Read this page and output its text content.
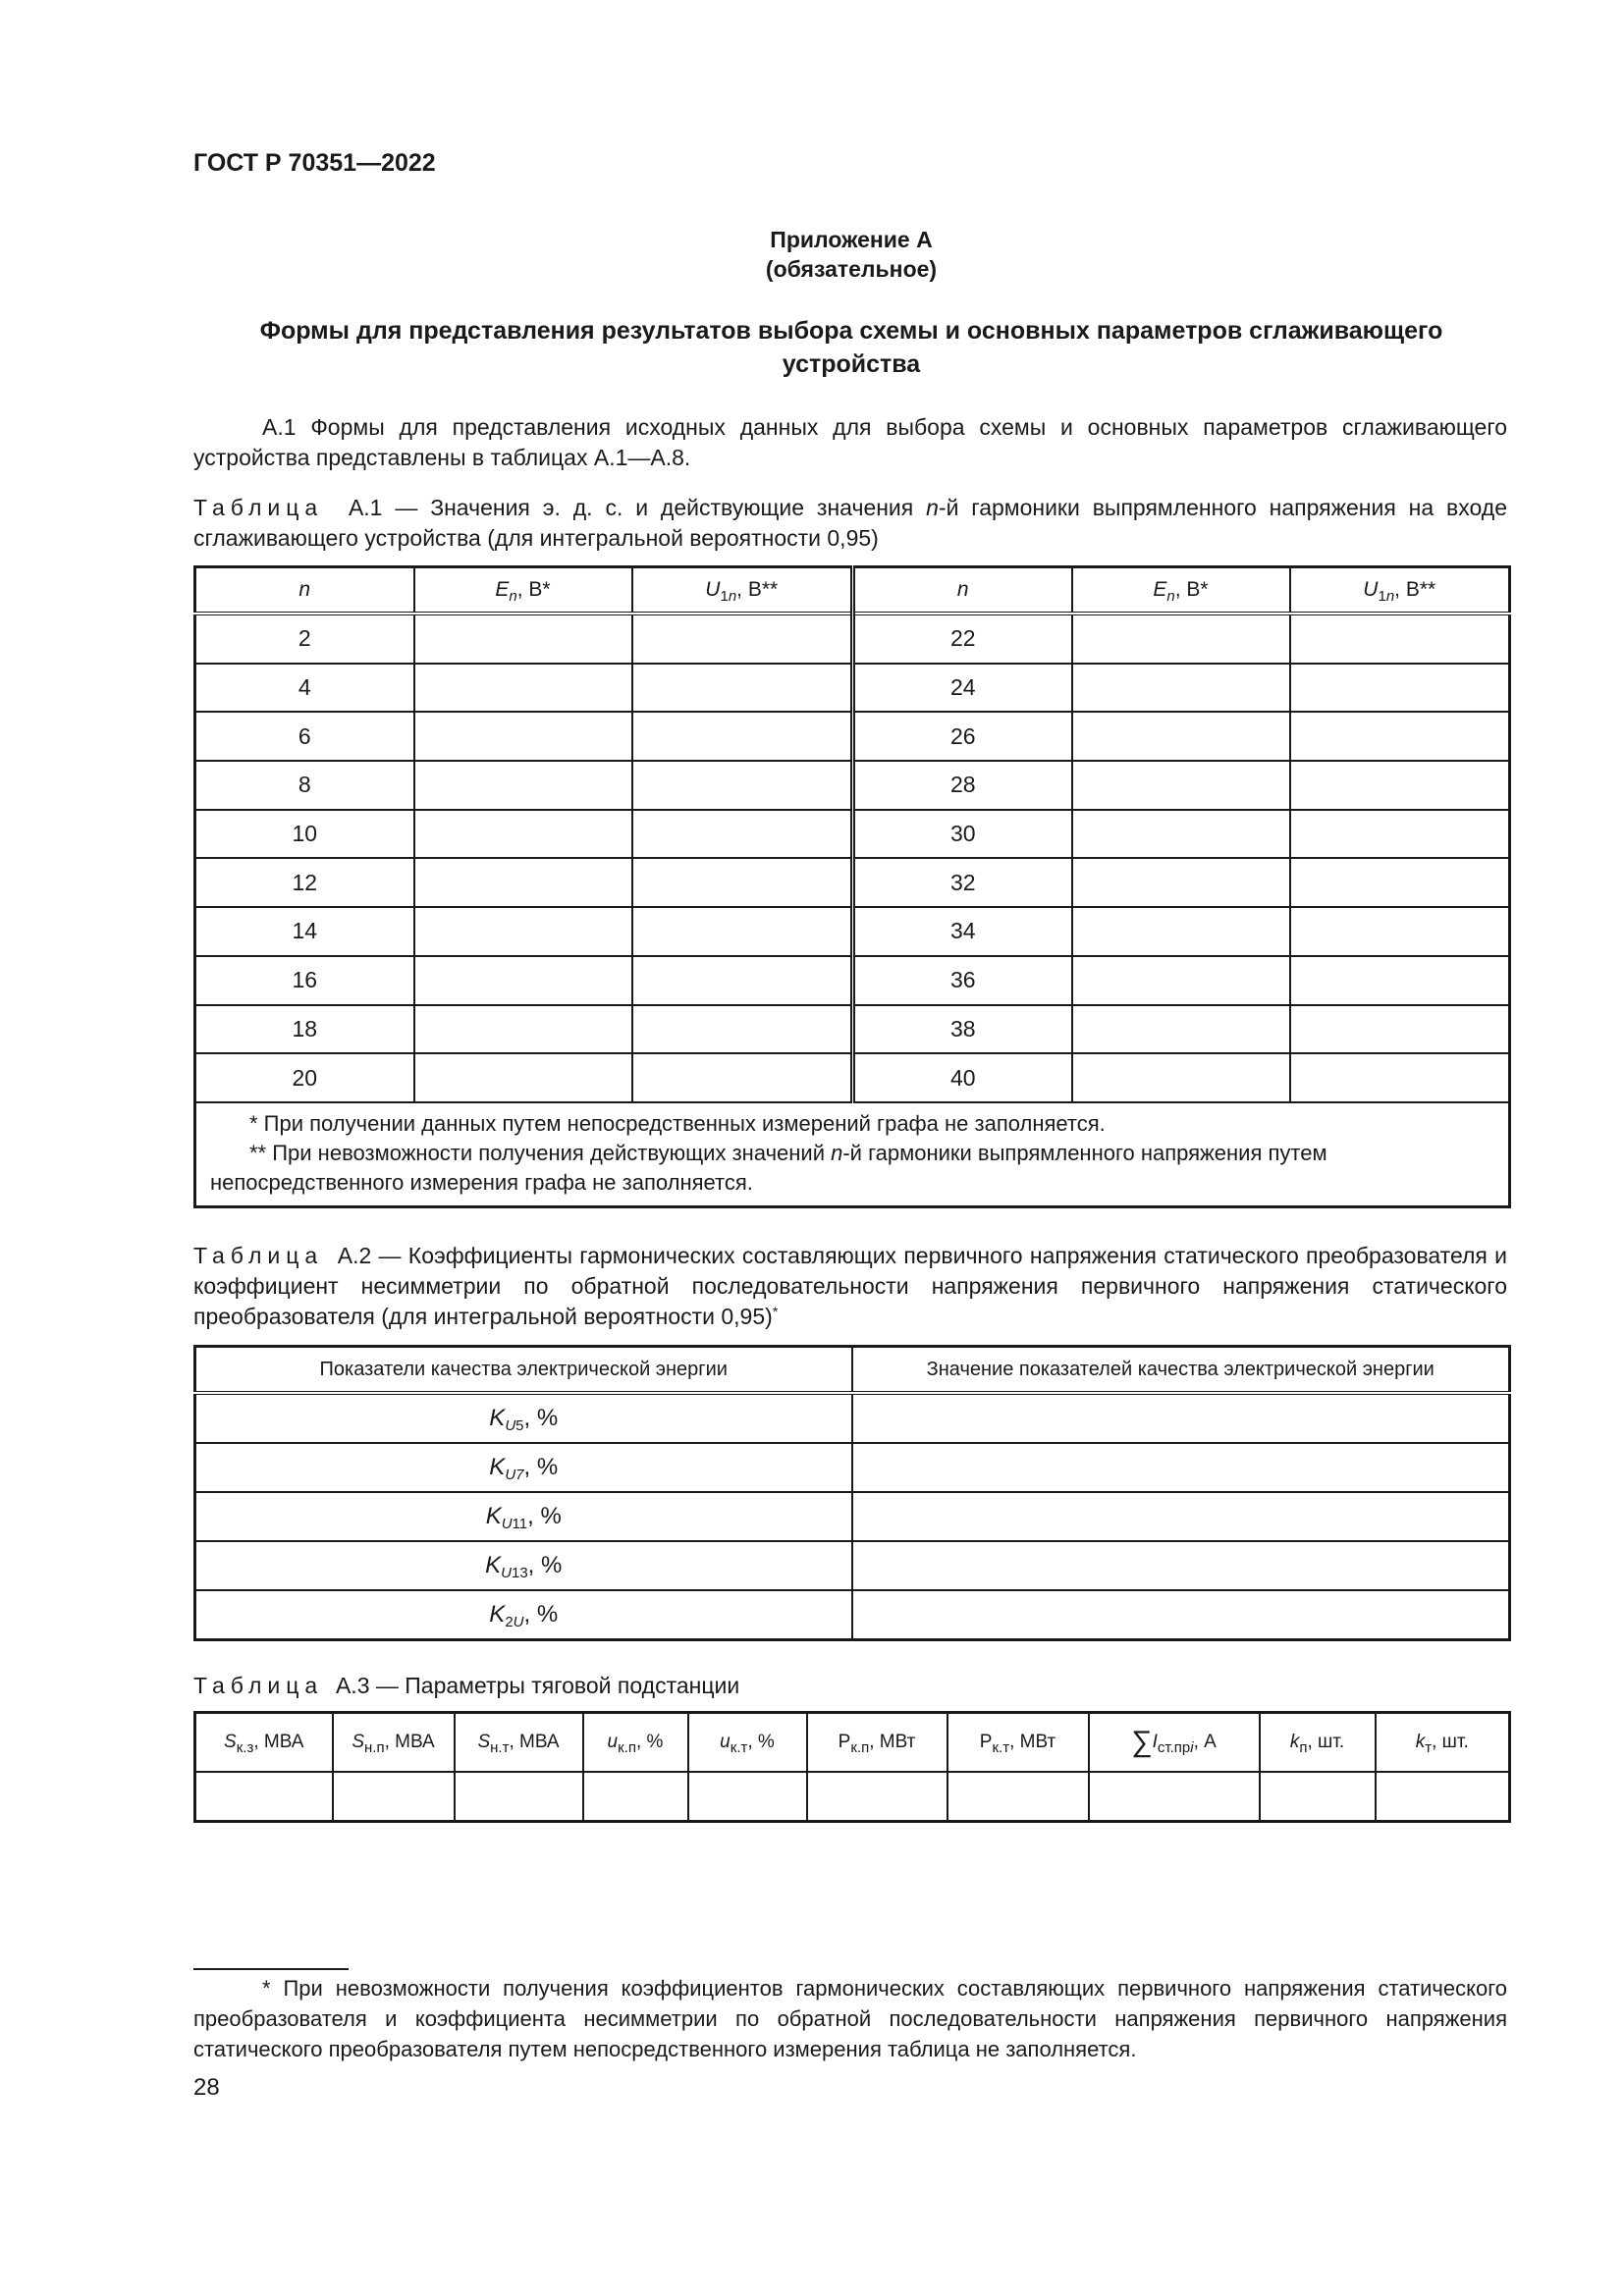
ГОСТ Р 70351—2022
Приложение А
(обязательное)
Формы для представления результатов выбора схемы и основных параметров сглаживающего устройства
А.1 Формы для представления исходных данных для выбора схемы и основных параметров сглаживающего устройства представлены в таблицах А.1—А.8.
Таблица  А.1 — Значения э. д. с. и действующие значения n-й гармоники выпрямленного напряжения на входе сглаживающего устройства (для интегральной вероятности 0,95)
n	$E_n$, В*	$U_{1n}$, В**	n	$E_n$, В*	$U_{1n}$, В**
2			22		
4			24		
6			26		
8			28		
10			30		
12			32		
14			34		
16			36		
18			38		
20			40		

* При получении данных путем непосредственных измерений графа не заполняется.
** При невозможности получения действующих значений n-й гармоники выпрямленного напряжения путем непосредственного измерения графа не заполняется.					
Таблица  А.2 — Коэффициенты гармонических составляющих первичного напряжения статического преобразователя и коэффициент несимметрии по обратной последовательности напряжения первичного напряжения статического преобразователя (для интегральной вероятности 0,95)*
Показатели качества электрической энергии	Значение показателей качества электрической энергии
$K_{U5}$, %	
$K_{U7}$, %	
$K_{U11}$, %	
$K_{U13}$, %	
$K_{2U}$, %	
Таблица А.3 — Параметры тяговой подстанции
$S_{к.з}$, МВА	$S_{н.п}$, МВА	$S_{н.т}$, МВА	$u_{к.п}$, %	$u_{к.т}$, %	$Р_{к.п}$, МВт	$Р_{к.т}$, МВт	$\sum I_{ст.прi}$, А	$k_п$, шт.	$k_т$, шт.

* При невозможности получения коэффициентов гармонических составляющих первичного напряжения статического преобразователя и коэффициента несимметрии по обратной последовательности напряжения первичного напряжения статического преобразователя путем непосредственного измерения таблица не заполняется.
28
